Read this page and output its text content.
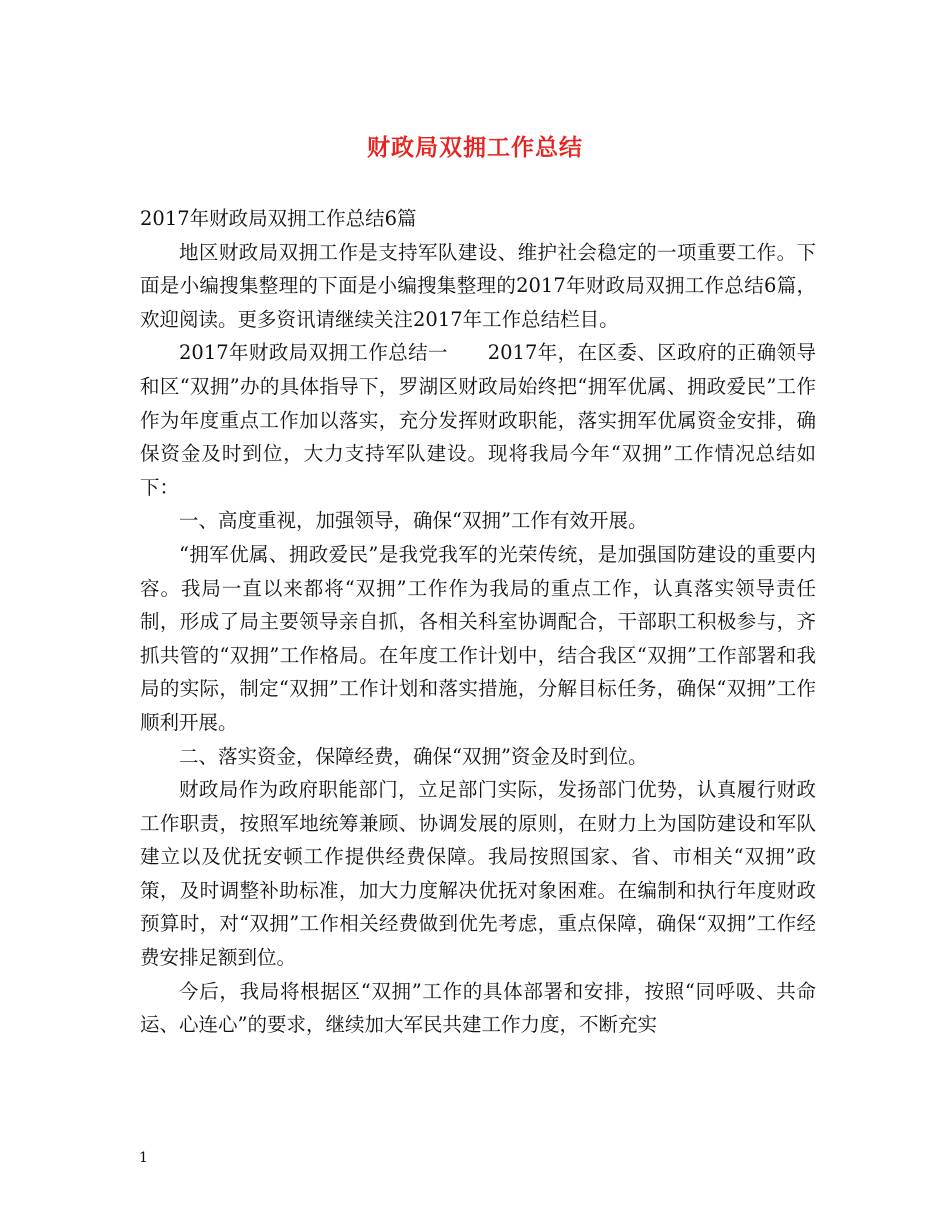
财政局双拥工作总结

2017年财政局双拥工作总结6篇

地区财政局双拥工作是支持军队建设、维护社会稳定的一项重要工作。下面是小编搜集整理的下面是小编搜集整理的2017年财政局双拥工作总结6篇，欢迎阅读。更多资讯请继续关注2017年工作总结栏目。

2017年财政局双拥工作总结一　　2017年，在区委、区政府的正确领导和区“双拥”办的具体指导下，罗湖区财政局始终把“拥军优属、拥政爱民”工作作为年度重点工作加以落实，充分发挥财政职能，落实拥军优属资金安排，确保资金及时到位，大力支持军队建设。现将我局今年“双拥”工作情况总结如下：

一、高度重视，加强领导，确保“双拥”工作有效开展。

“拥军优属、拥政爱民”是我党我军的光荣传统，是加强国防建设的重要内容。我局一直以来都将“双拥”工作作为我局的重点工作，认真落实领导责任制，形成了局主要领导亲自抓，各相关科室协调配合，干部职工积极参与，齐抓共管的“双拥”工作格局。在年度工作计划中，结合我区“双拥”工作部署和我局的实际，制定“双拥”工作计划和落实措施，分解目标任务，确保“双拥”工作顺利开展。

二、落实资金，保障经费，确保“双拥”资金及时到位。

财政局作为政府职能部门，立足部门实际，发扬部门优势，认真履行财政工作职责，按照军地统筹兼顾、协调发展的原则，在财力上为国防建设和军队建立以及优抚安顿工作提供经费保障。我局按照国家、省、市相关“双拥”政策，及时调整补助标准，加大力度解决优抚对象困难。在编制和执行年度财政预算时，对“双拥”工作相关经费做到优先考虑，重点保障，确保“双拥”工作经费安排足额到位。

今后，我局将根据区“双拥”工作的具体部署和安排，按照“同呼吸、共命运、心连心”的要求，继续加大军民共建工作力度，不断充实

1
